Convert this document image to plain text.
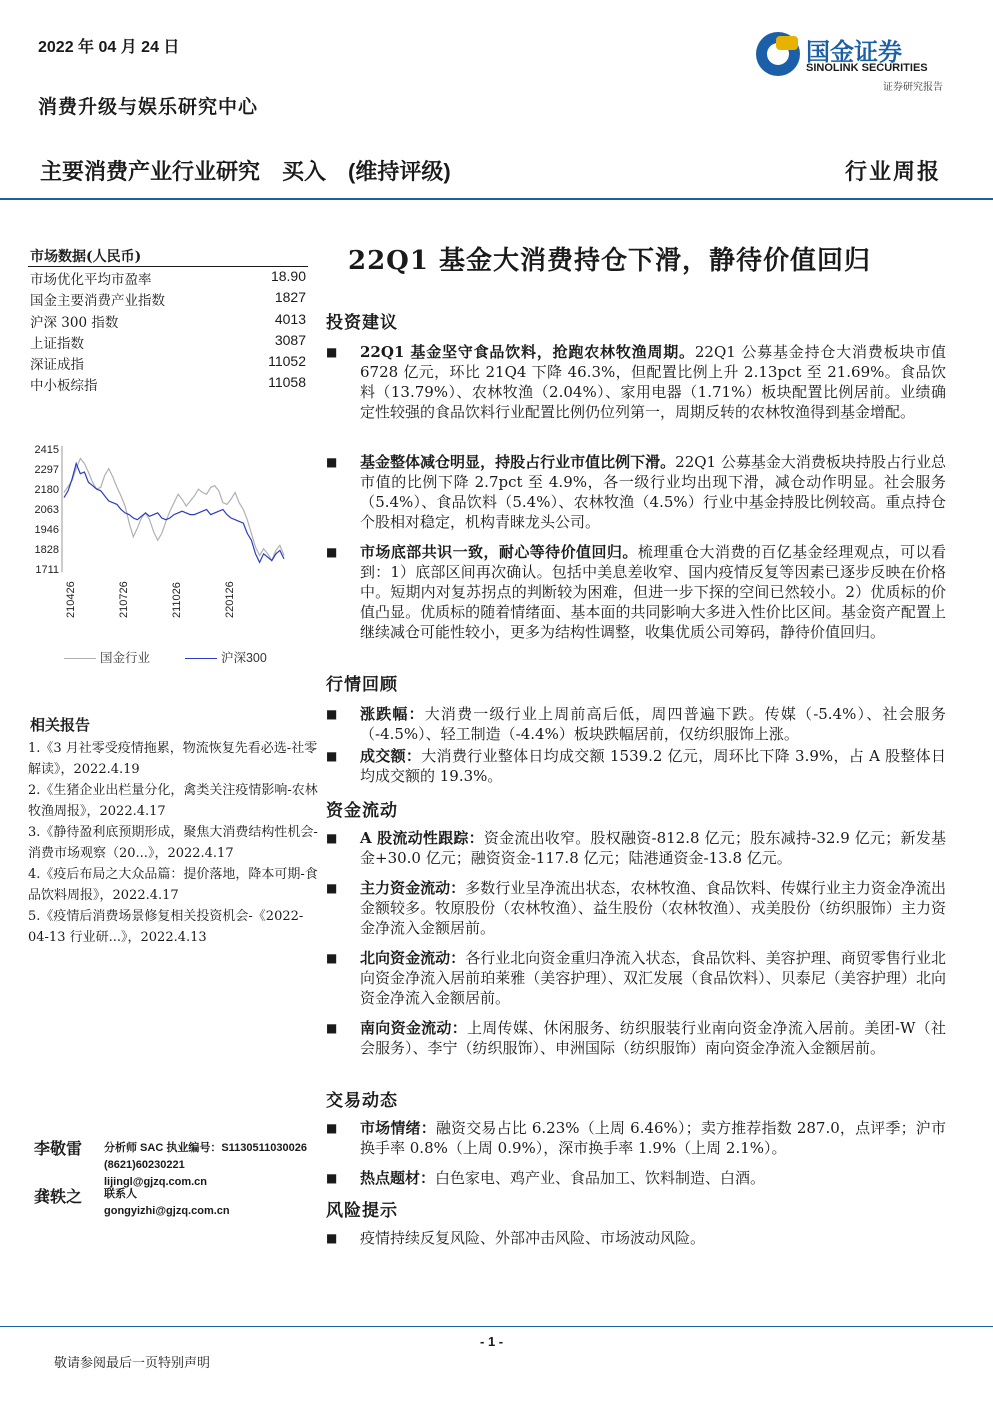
2022 年 04 月 24 日	国金证券
SINOLINK SECURITIES
证券研究报告
消费升级与娱乐研究中心
主要消费产业行业研究　买入　(维持评级)	行业周报
市场数据(人民币)
市场优化平均市盈率	18.90
国金主要消费产业指数	1827
沪深 300 指数	4013
上证指数	3087
深证成指	11052
中小板综指	11058
2415
2297
2180
2063
1946
1828
1711
210426	210726	211026	220126
国金行业	沪深300
相关报告
1.《3 月社零受疫情拖累，物流恢复先看必选-社零解读》，2022.4.19
2.《生猪企业出栏量分化，禽类关注疫情影响-农林牧渔周报》，2022.4.17
3.《静待盈利底预期形成，聚焦大消费结构性机会-消费市场观察（20...》，2022.4.17
4.《疫后布局之大众品篇：提价落地，降本可期-食品饮料周报》，2022.4.17
5.《疫情后消费场景修复相关投资机会-《2022-04-13 行业研...》，2022.4.13
李敬雷 分析师 SAC 执业编号：S1130511030026
(8621)60230221
lijingl@gjzq.com.cn
龚轶之 联系人
gongyizhi@gjzq.com.cn
22Q1 基金大消费持仓下滑，静待价值回归
投资建议
■ 22Q1 基金坚守食品饮料，抢跑农林牧渔周期。22Q1 公募基金持仓大消费板块市值 6728 亿元，环比 21Q4 下降 46.3%，但配置比例上升 2.13pct 至 21.69%。食品饮料（13.79%）、农林牧渔（2.04%）、家用电器（1.71%）板块配置比例居前。业绩确定性较强的食品饮料行业配置比例仍位列第一，周期反转的农林牧渔得到基金增配。
■ 基金整体减仓明显，持股占行业市值比例下滑。22Q1 公募基金大消费板块持股占行业总市值的比例下降 2.7pct 至 4.9%，各一级行业均出现下滑，减仓动作明显。社会服务（5.4%）、食品饮料（5.4%）、农林牧渔（4.5%）行业中基金持股比例较高。重点持仓个股相对稳定，机构青睐龙头公司。
■ 市场底部共识一致，耐心等待价值回归。梳理重仓大消费的百亿基金经理观点，可以看到：1）底部区间再次确认。包括中美息差收窄、国内疫情反复等因素已逐步反映在价格中。短期内对复苏拐点的判断较为困难，但进一步下探的空间已然较小。2）优质标的价值凸显。优质标的随着情绪面、基本面的共同影响大多进入性价比区间。基金资产配置上继续减仓可能性较小，更多为结构性调整，收集优质公司筹码，静待价值回归。
行情回顾
■ 涨跌幅：大消费一级行业上周前高后低，周四普遍下跌。传媒（-5.4%）、社会服务（-4.5%）、轻工制造（-4.4%）板块跌幅居前，仅纺织服饰上涨。
■ 成交额：大消费行业整体日均成交额 1539.2 亿元，周环比下降 3.9%，占 A 股整体日均成交额的 19.3%。
资金流动
■ A 股流动性跟踪：资金流出收窄。股权融资-812.8 亿元；股东减持-32.9 亿元；新发基金+30.0 亿元；融资资金-117.8 亿元；陆港通资金-13.8 亿元。
■ 主力资金流动：多数行业呈净流出状态，农林牧渔、食品饮料、传媒行业主力资金净流出金额较多。牧原股份（农林牧渔）、益生股份（农林牧渔）、戎美股份（纺织服饰）主力资金净流入金额居前。
■ 北向资金流动：各行业北向资金重归净流入状态，食品饮料、美容护理、商贸零售行业北向资金净流入居前珀莱雅（美容护理）、双汇发展（食品饮料）、贝泰尼（美容护理）北向资金净流入金额居前。
■ 南向资金流动：上周传媒、休闲服务、纺织服装行业南向资金净流入居前。美团-W（社会服务）、李宁（纺织服饰）、申洲国际（纺织服饰）南向资金净流入金额居前。
交易动态
■ 市场情绪：融资交易占比 6.23%（上周 6.46%）；卖方推荐指数 287.0，点评季；沪市换手率 0.8%（上周 0.9%），深市换手率 1.9%（上周 2.1%）。
■ 热点题材：白色家电、鸡产业、食品加工、饮料制造、白酒。
风险提示
■ 疫情持续反复风险、外部冲击风险、市场波动风险。
- 1 -
敬请参阅最后一页特别声明
